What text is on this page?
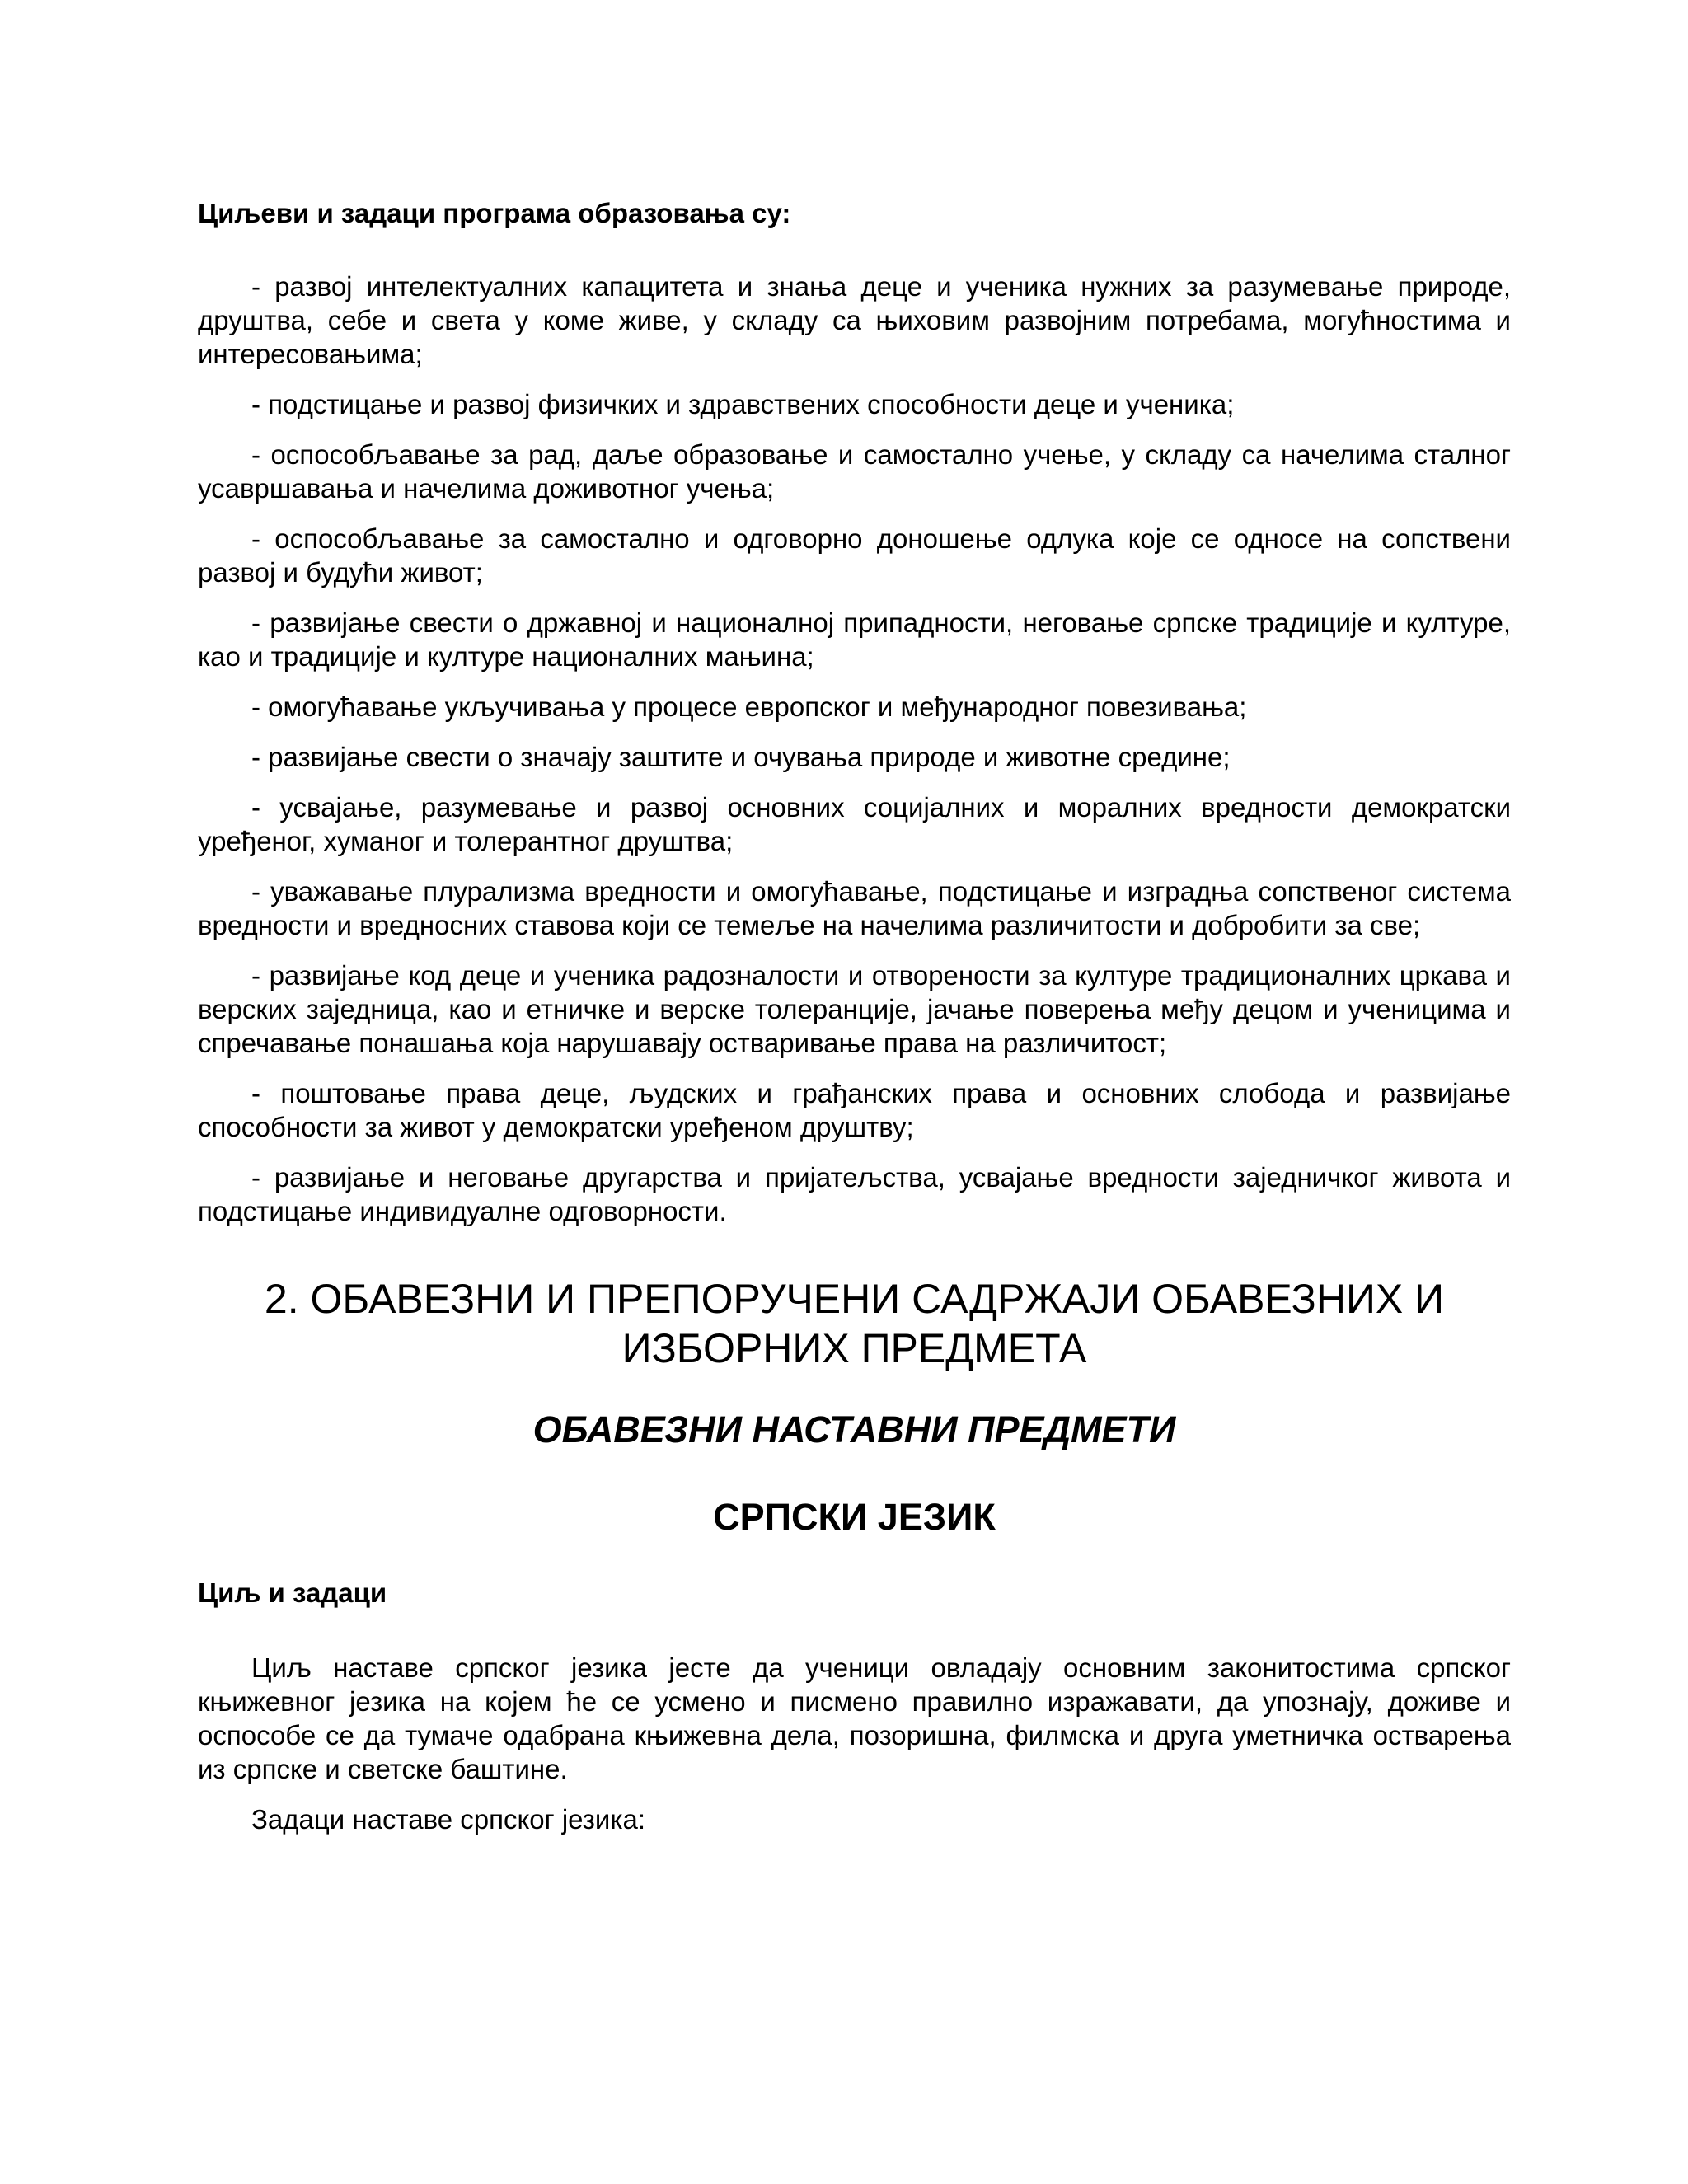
Циљеви и задаци програма образовања су:

- развој интелектуалних капацитета и знања деце и ученика нужних за разумевање природе, друштва, себе и света у коме живе, у складу са њиховим развојним потребама, могућностима и интересовањима;

- подстицање и развој физичких и здравствених способности деце и ученика;

- оспособљавање за рад, даље образовање и самостално учење, у складу са начелима сталног усавршавања и начелима доживотног учења;

- оспособљавање за самостално и одговорно доношење одлука које се односе на сопствени развој и будући живот;

- развијање свести о државној и националној припадности, неговање српске традиције и културе, као и традиције и културе националних мањина;

- омогућавање укључивања у процесе европског и међународног повезивања;

- развијање свести о значају заштите и очувања природе и животне средине;

- усвајање, разумевање и развој основних социјалних и моралних вредности демократски уређеног, хуманог и толерантног друштва;

- уважавање плурализма вредности и омогућавање, подстицање и изградња сопственог система вредности и вредносних ставова који се темеље на начелима различитости и добробити за све;

- развијање код деце и ученика радозналости и отворености за културе традиционалних цркава и верских заједница, као и етничке и верске толеранције, јачање поверења међу децом и ученицима и спречавање понашања која нарушавају остваривање права на различитост;

- поштовање права деце, људских и грађанских права и основних слобода и развијање способности за живот у демократски уређеном друштву;

- развијање и неговање другарства и пријатељства, усвајање вредности заједничког живота и подстицање индивидуалне одговорности.

2. ОБАВЕЗНИ И ПРЕПОРУЧЕНИ САДРЖАЈИ ОБАВЕЗНИХ И ИЗБОРНИХ ПРЕДМЕТА
ОБАВЕЗНИ НАСТАВНИ ПРЕДМЕТИ
СРПСКИ ЈЕЗИК

Циљ и задаци

Циљ наставе српског језика јесте да ученици овладају основним законитостима српског књижевног језика на којем ће се усмено и писмено правилно изражавати, да упознају, доживе и оспособе се да тумаче одабрана књижевна дела, позоришна, филмска и друга уметничка остварења из српске и светске баштине.

Задаци наставе српског језика:
